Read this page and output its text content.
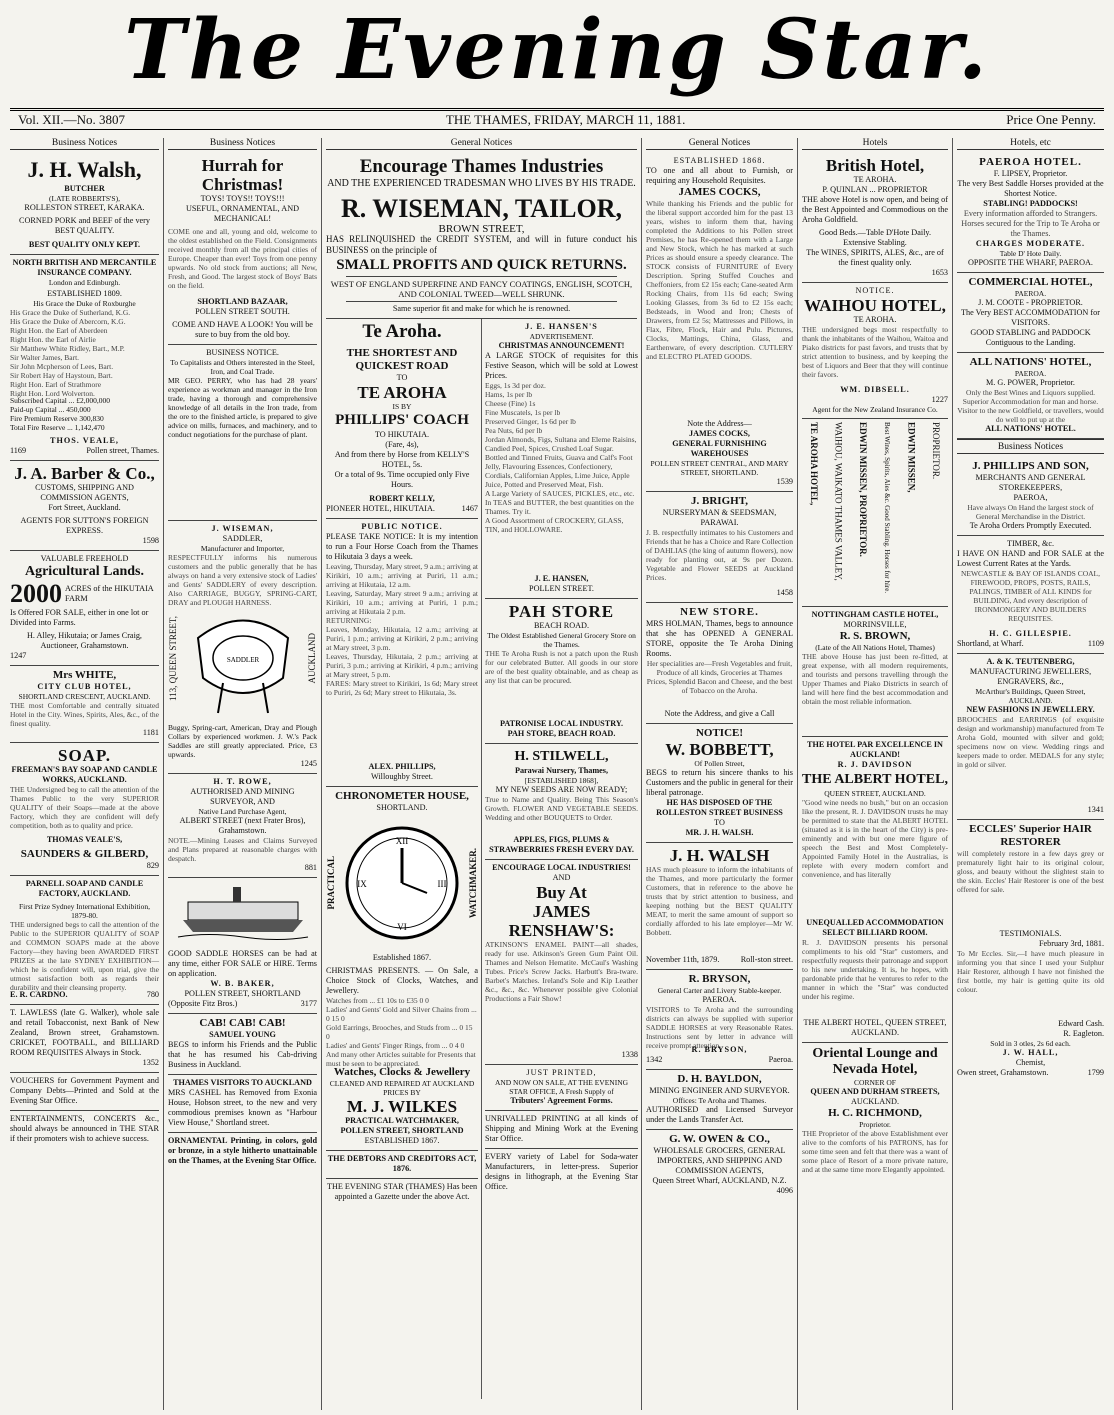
The Evening Star.
Vol. XII.—No. 3807	THE THAMES, FRIDAY, MARCH 11, 1881.	Price One Penny.
Business Notices
J. H. Walsh,
BUTCHER
(LATE ROBBERTS'S),
ROLLESTON STREET, KARAKA.
CORNED PORK and BEEF of the very BEST QUALITY.
BEST QUALITY ONLY KEPT.
NORTH BRITISH AND MERCANTILE INSURANCE COMPANY.
London and Edinburgh.
ESTABLISHED 1809.
His Grace the Duke of Roxburghe
His Grace the Duke of Sutherland, K.G.
His Grace the Duke of Abercorn, K.G.
Right Hon. the Earl of Aberdeen
Right Hon. the Earl of Airlie
Sir Matthew White Ridley, Bart., M.P.
Sir Walter James, Bart.
Sir John Mcpherson of Lees, Bart.
Sir Robert Hay of Haystoun, Bart.
Right Hon. Earl of Strathmore
Right Hon. Lord Wolverton.
Subscribed Capital ... £2,000,000
Paid-up Capital ... 450,000
Fire Premium Reserve 300,830
Total Fire Reserve ... 1,142,470
THOS. VEALE,
1169	Pollen street, Thames.
J. A. Barber & Co.,
CUSTOMS, SHIPPING AND COMMISSION AGENTS,
Fort Street, Auckland.
AGENTS FOR SUTTON'S FOREIGN EXPRESS.
1598
VALUABLE FREEHOLD
Agricultural Lands.
2000 ACRES of the HIKUTAIA FARM
Is Offered FOR SALE, either in one lot or Divided into Farms.
H. Alley, Hikutaia; or James Craig, Auctioneer, Grahamstown.
1247
Mrs WHITE,
CITY CLUB HOTEL,
SHORTLAND CRESCENT, AUCKLAND.
THE most Comfortable and centrally situated Hotel in the City. Wines, Spirits, Ales, &c., of the finest quality.
1181
SOAP.
FREEMAN'S BAY SOAP AND CANDLE WORKS, AUCKLAND.
THE Undersigned beg to call the attention of the Thames Public to the very SUPERIOR QUALITY of their Soaps—made at the above Factory, which they are confident will defy competition, both as to quality and price.
THOMAS VEALE'S,
SAUNDERS & GILBERD,
829
PARNELL SOAP AND CANDLE FACTORY, AUCKLAND.
First Prize Sydney International Exhibition, 1879-80.
THE undersigned begs to call the attention of the Public to the SUPERIOR QUALITY of SOAP and COMMON SOAPS made at the above Factory—they having been AWARDED FIRST PRIZES at the late SYDNEY EXHIBITION—which he is confident will, upon trial, give the utmost satisfaction both as regards their durability and their cleansing property.
E. R. CARDNO.	780
T. LAWLESS (late G. Walker), whole sale and retail Tobacconist, next Bank of New Zealand, Brown street, Grahamstown. CRICKET, FOOTBALL, and BILLIARD ROOM REQUISITES Always in Stock.
1352
VOUCHERS for Government Payment and Company Debts—Printed and Sold at the Evening Star Office.
ENTERTAINMENTS, CONCERTS &c., should always be announced in THE STAR if their promoters wish to achieve success.
Business Notices
Hurrah for Christmas!
TOYS! TOYS!! TOYS!!!
USEFUL, ORNAMENTAL, AND MECHANICAL!
COME one and all, young and old, welcome to the oldest established on the Field. Consignments received monthly from all the principal cities of Europe. Cheaper than ever! Toys from one penny upwards. No old stock from auctions; all New, Fresh, and Good. The largest stock of Boys' Bats on the field.
SHORTLAND BAZAAR,
POLLEN STREET SOUTH.
COME AND HAVE A LOOK! You will be sure to buy from the old boy.
BUSINESS NOTICE.
To Capitalists and Others interested in the Steel, Iron, and Coal Trade.
MR GEO. PERRY, who has had 28 years' experience as workman and manager in the Iron trade, having a thorough and comprehensive knowledge of all details in the Iron trade, from the ore to the finished article, is prepared to give advice on mills, furnaces, and machinery, and to conduct negotiations for the purchase of plant.
J. WISEMAN,
SADDLER,
Manufacturer and Importer,
RESPECTFULLY informs his numerous customers and the public generally that he has always on hand a very extensive stock of Ladies' and Gents' SADDLERY of every description. Also CARRIAGE, BUGGY, SPRING-CART, DRAY and PLOUGH HARNESS.
113, QUEEN STREET,	SADDLER	AUCKLAND
Buggy, Spring-cart, American, Dray and Plough Collars by experienced workmen. J. W.'s Pack Saddles are still greatly appreciated. Price, £3 upwards.
1245
H. T. ROWE,
AUTHORISED AND MINING SURVEYOR, AND
Native Land Purchase Agent,
ALBERT STREET (next Frater Bros),
Grahamstown.
NOTE.—Mining Leases and Claims Surveyed and Plans prepared at reasonable charges with despatch.
881
GOOD SADDLE HORSES can be had at any time, either FOR SALE or HIRE. Terms on application.
W. B. BAKER,
POLLEN STREET, SHORTLAND
(Opposite Fitz Bros.)	3177
CAB! CAB! CAB!
SAMUEL YOUNG
BEGS to inform his Friends and the Public that he has resumed his Cab-driving Business in Auckland.
THAMES VISITORS TO AUCKLAND
MRS CASHEL has Removed from Exonia House, Hobson street, to the new and very commodious premises known as "Harbour View House," Shortland street.
ORNAMENTAL Printing, in colors, gold or bronze, in a style hitherto unattainable on the Thames, at the Evening Star Office.
General Notices
Encourage Thames Industries
AND THE EXPERIENCED TRADESMAN WHO LIVES BY HIS TRADE.
R. WISEMAN, TAILOR,
BROWN STREET,
HAS RELINQUISHED the CREDIT SYSTEM, and will in future conduct his BUSINESS on the principle of
SMALL PROFITS AND QUICK RETURNS.
WEST OF ENGLAND SUPERFINE AND FANCY COATINGS, ENGLISH, SCOTCH, AND COLONIAL TWEED—WELL SHRUNK.
Same superior fit and make for which he is renowned.
Te Aroha.
THE SHORTEST AND
QUICKEST ROAD
TO
TE AROHA
IS BY
PHILLIPS' COACH
TO HIKUTAIA.
(Fare, 4s),
And from there by Horse from KELLY'S HOTEL, 5s.
Or a total of 9s. Time occupied only Five Hours.
ROBERT KELLY,
PIONEER HOTEL, HIKUTAIA.	1467
PUBLIC NOTICE.
PLEASE TAKE NOTICE: It is my intention to run a Four Horse Coach from the Thames to Hikutaia 3 days a week.
Leaving, Thursday, Mary street, 9 a.m.; arriving at Kirikiri, 10 a.m.; arriving at Puriri, 11 a.m.; arriving at Hikutaia, 12 a.m.
Leaving, Saturday, Mary street 9 a.m.; arriving at Kirikiri, 10 a.m.; arriving at Puriri, 1 p.m.; arriving at Hikutaia 2 p.m.
RETURNING:
Leaves, Monday, Hikutaia, 12 a.m.; arriving at Puriri, 1 p.m.; arriving at Kirikiri, 2 p.m.; arriving at Mary street, 3 p.m.
Leaves, Thursday, Hikutaia, 2 p.m.; arriving at Puriri, 3 p.m.; arriving at Kirikiri, 4 p.m.; arriving at Mary street, 5 p.m.
FARES: Mary street to Kirikiri, 1s 6d; Mary street to Puriri, 2s 6d; Mary street to Hikutaia, 3s.
ALEX. PHILLIPS,
Willoughby Street.
CHRONOMETER HOUSE,
SHORTLAND.
PRACTICAL
XII
III
VI
IX	WATCHMAKER.
Established 1867.
CHRISTMAS PRESENTS. — On Sale, a Choice Stock of Clocks, Watches, and Jewellery.
Watches from ... £1 10s to £35 0 0
Ladies' and Gents' Gold and Silver Chains from ... 0 15 0
Gold Earrings, Brooches, and Studs from ... 0 15 0
Ladies' and Gents' Finger Rings, from ... 0 4 0
And many other Articles suitable for Presents that must be seen to be appreciated.
Watches, Clocks & Jewellery
CLEANED AND REPAIRED AT AUCKLAND PRICES BY
M. J. WILKES
PRACTICAL WATCHMAKER,
POLLEN STREET, SHORTLAND
ESTABLISHED 1867.
THE DEBTORS AND CREDITORS ACT, 1876.
THE EVENING STAR (THAMES) Has been appointed a Gazette under the above Act.
J. E. HANSEN'S
ADVERTISEMENT.
CHRISTMAS ANNOUNCEMENT!
A LARGE STOCK of requisites for this Festive Season, which will be sold at Lowest Prices.
Eggs, 1s 3d per doz.
Hams, 1s per lb
Cheese (Fine) 1s
Fine Muscatels, 1s per lb
Preserved Ginger, 1s 6d per lb
Pea Nuts, 6d per lb
Jordan Almonds, Figs, Sultana and Eleme Raisins, Candied Peel, Spices, Crushed Loaf Sugar.
Bottled and Tinned Fruits, Guava and Calf's Foot Jelly, Flavouring Essences, Confectionery, Cordials, Californian Apples, Lime Juice, Apple Juice, Potted and Preserved Meat, Fish.
A Large Variety of SAUCES, PICKLES, etc., etc.
In TEAS and BUTTER, the best quantities on the Thames. Try it.
A Good Assortment of CROCKERY, GLASS, TIN, and HOLLOWARE.
J. E. HANSEN,
POLLEN STREET.
PAH STORE
BEACH ROAD.
The Oldest Established General Grocery Store on the Thames.
THE Te Aroha Rush is not a patch upon the Rush for our celebrated Butter. All goods in our store are of the best quality obtainable, and as cheap as any list that can be procured.
PATRONISE LOCAL INDUSTRY.
PAH STORE, BEACH ROAD.
H. STILWELL,
Parawai Nursery, Thames,
[ESTABLISHED 1868],
MY NEW SEEDS ARE NOW READY;
True to Name and Quality. Being This Season's Growth. FLOWER AND VEGETABLE SEEDS. Wedding and other BOUQUETS to Order.
APPLES, FIGS, PLUMS & STRAWBERRIES FRESH EVERY DAY.
ENCOURAGE LOCAL INDUSTRIES!
AND
Buy At
JAMES RENSHAW'S:
ATKINSON'S ENAMEL PAINT—all shades, ready for use. Atkinson's Green Gum Paint Oil. Thames and Nelson Hematite. McCaul's Washing Tubes. Price's Screw Jacks. Harbutt's Bra-tware. Barbet's Matches. Ireland's Sole and Kip Leather &c., &c., &c. Whenever possible give Colonial Productions a Fair Show!
1338
JUST PRINTED,
AND NOW ON SALE, AT THE EVENING STAR OFFICE, A Fresh Supply of
Tributers' Agreement Forms.
UNRIVALLED PRINTING at all kinds of Shipping and Mining Work at the Evening Star Office.
EVERY variety of Label for Soda-water Manufacturers, in letter-press. Superior designs in lithograph, at the Evening Star Office.
General Notices
ESTABLISHED 1868.
TO one and all about to Furnish, or requiring any Household Requisites.
JAMES COCKS,
While thanking his Friends and the public for the liberal support accorded him for the past 13 years, wishes to inform them that, having completed the Additions to his Pollen street Premises, he has Re-opened them with a Large and New Stock, which he has marked at such Prices as should ensure a speedy clearance. The STOCK consists of FURNITURE of Every Description. Spring Stuffed Couches and Cheffoniers, from £2 15s each; Cane-seated Arm Rocking Chairs, from 11s 6d each; Swing Looking Glasses, from 3s 6d to £2 15s each; Bedsteads, in Wood and Iron; Chests of Drawers, from £2 5s; Mattresses and Pillows, in Flax, Fibre, Flock, Hair and Pulu. Pictures, Clocks, Mattings, China, Glass, and Earthenware, of every description. CUTLERY and ELECTRO PLATED GOODS.
Note the Address—
JAMES COCKS,
GENERAL FURNISHING WAREHOUSES
POLLEN STREET CENTRAL, AND MARY STREET, SHORTLAND.
1539
J. BRIGHT,
NURSERYMAN & SEEDSMAN,
PARAWAI.
J. B. respectfully intimates to his Customers and Friends that he has a Choice and Rare Collection of DAHLIAS (the king of autumn flowers), now ready for planting out, at 9s per Dozen. Vegetable and Flower SEEDS at Auckland Prices.
1458
NEW STORE.
MRS HOLMAN, Thames, begs to announce that she has OPENED A GENERAL STORE, opposite the Te Aroha Dining Rooms.
Her specialities are—Fresh Vegetables and fruit, Produce of all kinds, Groceries at Thames Prices, Splendid Bacon and Cheese, and the best of Tobacco on the Aroha.
Note the Address, and give a Call
NOTICE!
W. BOBBETT,
Of Pollen Street,
BEGS to return his sincere thanks to his Customers and the public in general for their liberal patronage.
HE HAS DISPOSED OF THE
ROLLESTON STREET BUSINESS
TO
MR. J. H. WALSH.
J. H. WALSH
HAS much pleasure to inform the inhabitants of the Thames, and more particularly the former Customers, that in reference to the above he trusts that by strict attention to business, and keeping nothing but the BEST QUALITY MEAT, to merit the same amount of support so cordially afforded to his late employer—Mr W. Bobbett.
November 11th, 1879.	Roll-ston street.
R. BRYSON,
General Carter and Livery Stable-keeper.
PAEROA.
VISITORS to Te Aroha and the surrounding districts can always be supplied with superior SADDLE HORSES at very Reasonable Rates. Instructions sent by letter in advance will receive prompt attention.
R. BRYSON,
1342	Paeroa.
D. H. BAYLDON,
MINING ENGINEER AND SURVEYOR.
Offices: Te Aroha and Thames.
AUTHORISED and Licensed Surveyor under the Lands Transfer Act.
G. W. OWEN & CO.,
WHOLESALE GROCERS, GENERAL IMPORTERS, AND SHIPPING AND COMMISSION AGENTS,
Queen Street Wharf, AUCKLAND, N.Z.
4096
Hotels
British Hotel,
TE AROHA.
P. QUINLAN ... PROPRIETOR
THE above Hotel is now open, and being of the Best Appointed and Commodious on the Aroha Goldfield.
Good Beds.—Table D'Hote Daily.
Extensive Stabling.
The WINES, SPIRITS, ALES, &c., are of the finest quality only.
1653
NOTICE.
WAIHOU HOTEL,
TE AROHA.
THE undersigned begs most respectfully to thank the inhabitants of the Waihou, Waitoa and Piako districts for past favors, and trusts that by strict attention to business, and by keeping the best of Liquors and Beer that they will continue their favors.
WM. DIBSELL.
1227
Agent for the New Zealand Insurance Co.
TE AROHA HOTEL, WAIHOU, WAIKATO THAMES VALLEY, EDWIN MISSEN, PROPRIETOR. Best Wines, Spirits, Ales &c. Good Stabling. Horses for hire. EDWIN MISSEN, PROPRIETOR.
NOTTINGHAM CASTLE HOTEL,
MORRINSVILLE,
R. S. BROWN,
(Late of the All Nations Hotel, Thames)
THE above House has just been re-fitted, at great expense, with all modern requirements, and tourists and persons travelling through the Upper Thames and Piako Districts in search of land will here find the best accommodation and obtain the most reliable information.
THE HOTEL PAR EXCELLENCE IN AUCKLAND!
R. J. DAVIDSON
THE ALBERT HOTEL,
QUEEN STREET, AUCKLAND.
"Good wine needs no bush," but on an occasion like the present, R. J. DAVIDSON trusts he may be permitted to state that the ALBERT HOTEL (situated as it is in the heart of the City) is pre-eminently and with but one mere figure of speech the Best and Most Completely-Appointed Family Hotel in the Australias, is replete with every modern comfort and convenience, and has literally
UNEQUALLED ACCOMMODATION
SELECT BILLIARD ROOM.
R. J. DAVIDSON presents his personal compliments to his old "Star" customers, and respectfully requests their patronage and support to his new undertaking. It is, he hopes, with pardonable pride that he ventures to refer to the manner in which the "Star" was conducted under his regime.
THE ALBERT HOTEL, QUEEN STREET, AUCKLAND.
Oriental Lounge and Nevada Hotel,
CORNER OF
QUEEN AND DURHAM STREETS,
AUCKLAND.
H. C. RICHMOND,
Proprietor.
THE Proprietor of the above Establishment ever alive to the comforts of his PATRONS, has for some time seen and felt that there was a want of some place of Resort of a more private nature, and at the same time more Elegantly appointed.
Hotels, etc
PAEROA HOTEL.
F. LIPSEY, Proprietor.
The very Best Saddle Horses provided at the Shortest Notice.
STABLING! PADDOCKS!
Every information afforded to Strangers. Horses secured for the Trip to Te Aroha or the Thames.
CHARGES MODERATE.
Table D' Hote Daily.
OPPOSITE THE WHARF, PAEROA.
COMMERCIAL HOTEL,
PAEROA.
J. M. COOTE - PROPRIETOR.
The Very BEST ACCOMMODATION for VISITORS.
GOOD STABLING and PADDOCK Contiguous to the Landing.
ALL NATIONS' HOTEL,
PAEROA.
M. G. POWER, Proprietor.
Only the Best Wines and Liquors supplied. Superior Accommodation for man and horse. Visitor to the new Goldfield, or travellers, would do well to put up at the
ALL NATIONS' HOTEL.
Business Notices
J. PHILLIPS AND SON,
MERCHANTS AND GENERAL STOREKEEPERS,
PAEROA,
Have always On Hand the largest stock of General Merchandise in the District.
Te Aroha Orders Promptly Executed.
TIMBER, &c.
I HAVE ON HAND and FOR SALE at the Lowest Current Rates at the Yards.
NEWCASTLE & BAY OF ISLANDS COAL, FIREWOOD, PROPS, POSTS, RAILS, PALINGS, TIMBER of ALL KINDS for BUILDING, And every description of IRONMONGERY AND BUILDERS REQUISITES.
H. C. GILLESPIE.
Shortland, at Wharf.	1109
A. & K. TEUTENBERG,
MANUFACTURING JEWELLERS, ENGRAVERS, &c.,
McArthur's Buildings, Queen Street, AUCKLAND.
NEW FASHIONS IN JEWELLERY.
BROOCHES and EARRINGS (of exquisite design and workmanship) manufactured from Te Aroha Gold, mounted with silver and gold; specimens now on view. Wedding rings and keepers made to order. MEDALS for any style; in gold or silver.
1341
ECCLES' Superior HAIR RESTORER
will completely restore in a few days grey or prematurely light hair to its original colour, gloss, and beauty without the slightest stain to the skin. Eccles' Hair Restorer is one of the best offered for sale.
TESTIMONIALS.
February 3rd, 1881.
To Mr Eccles. Sir,—I have much pleasure in informing you that since I used your Sulphur Hair Restorer, although I have not finished the first bottle, my hair is getting quite its old colour.
Edward Cash.
R. Eagleton.
Sold in 3 otles, 2s 6d each.
J. W. HALL,
Chemist,
Owen street, Grahamstown.	1799
